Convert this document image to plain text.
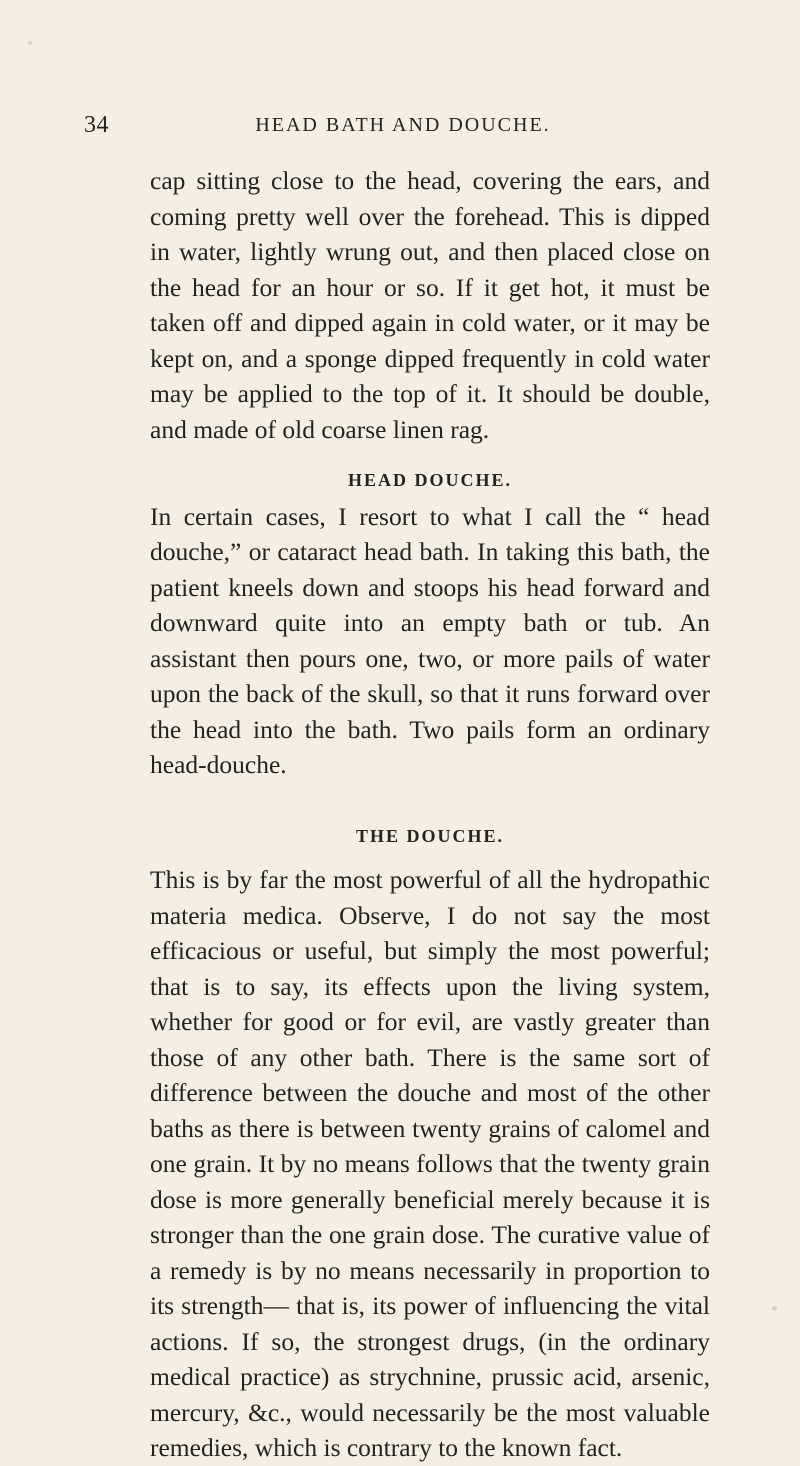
34	HEAD BATH AND DOUCHE.

cap sitting close to the head, covering the ears, and coming pretty well over the forehead. This is dipped in water, lightly wrung out, and then placed close on the head for an hour or so. If it get hot, it must be taken off and dipped again in cold water, or it may be kept on, and a sponge dipped frequently in cold water may be applied to the top of it. It should be double, and made of old coarse linen rag.

HEAD DOUCHE.

In certain cases, I resort to what I call the “ head douche,” or cataract head bath. In taking this bath, the patient kneels down and stoops his head forward and downward quite into an empty bath or tub. An assistant then pours one, two, or more pails of water upon the back of the skull, so that it runs forward over the head into the bath. Two pails form an ordinary head-douche.

THE DOUCHE.

This is by far the most powerful of all the hydropathic materia medica. Observe, I do not say the most efficacious or useful, but simply the most powerful; that is to say, its effects upon the living system, whether for good or for evil, are vastly greater than those of any other bath. There is the same sort of difference between the douche and most of the other baths as there is between twenty grains of calomel and one grain. It by no means follows that the twenty grain dose is more generally beneficial merely because it is stronger than the one grain dose. The curative value of a remedy is by no means necessarily in proportion to its strength— that is, its power of influencing the vital actions. If so, the strongest drugs, (in the ordinary medical practice) as strychnine, prussic acid, arsenic, mercury, &c., would necessarily be the most valuable remedies, which is contrary to the known fact.
